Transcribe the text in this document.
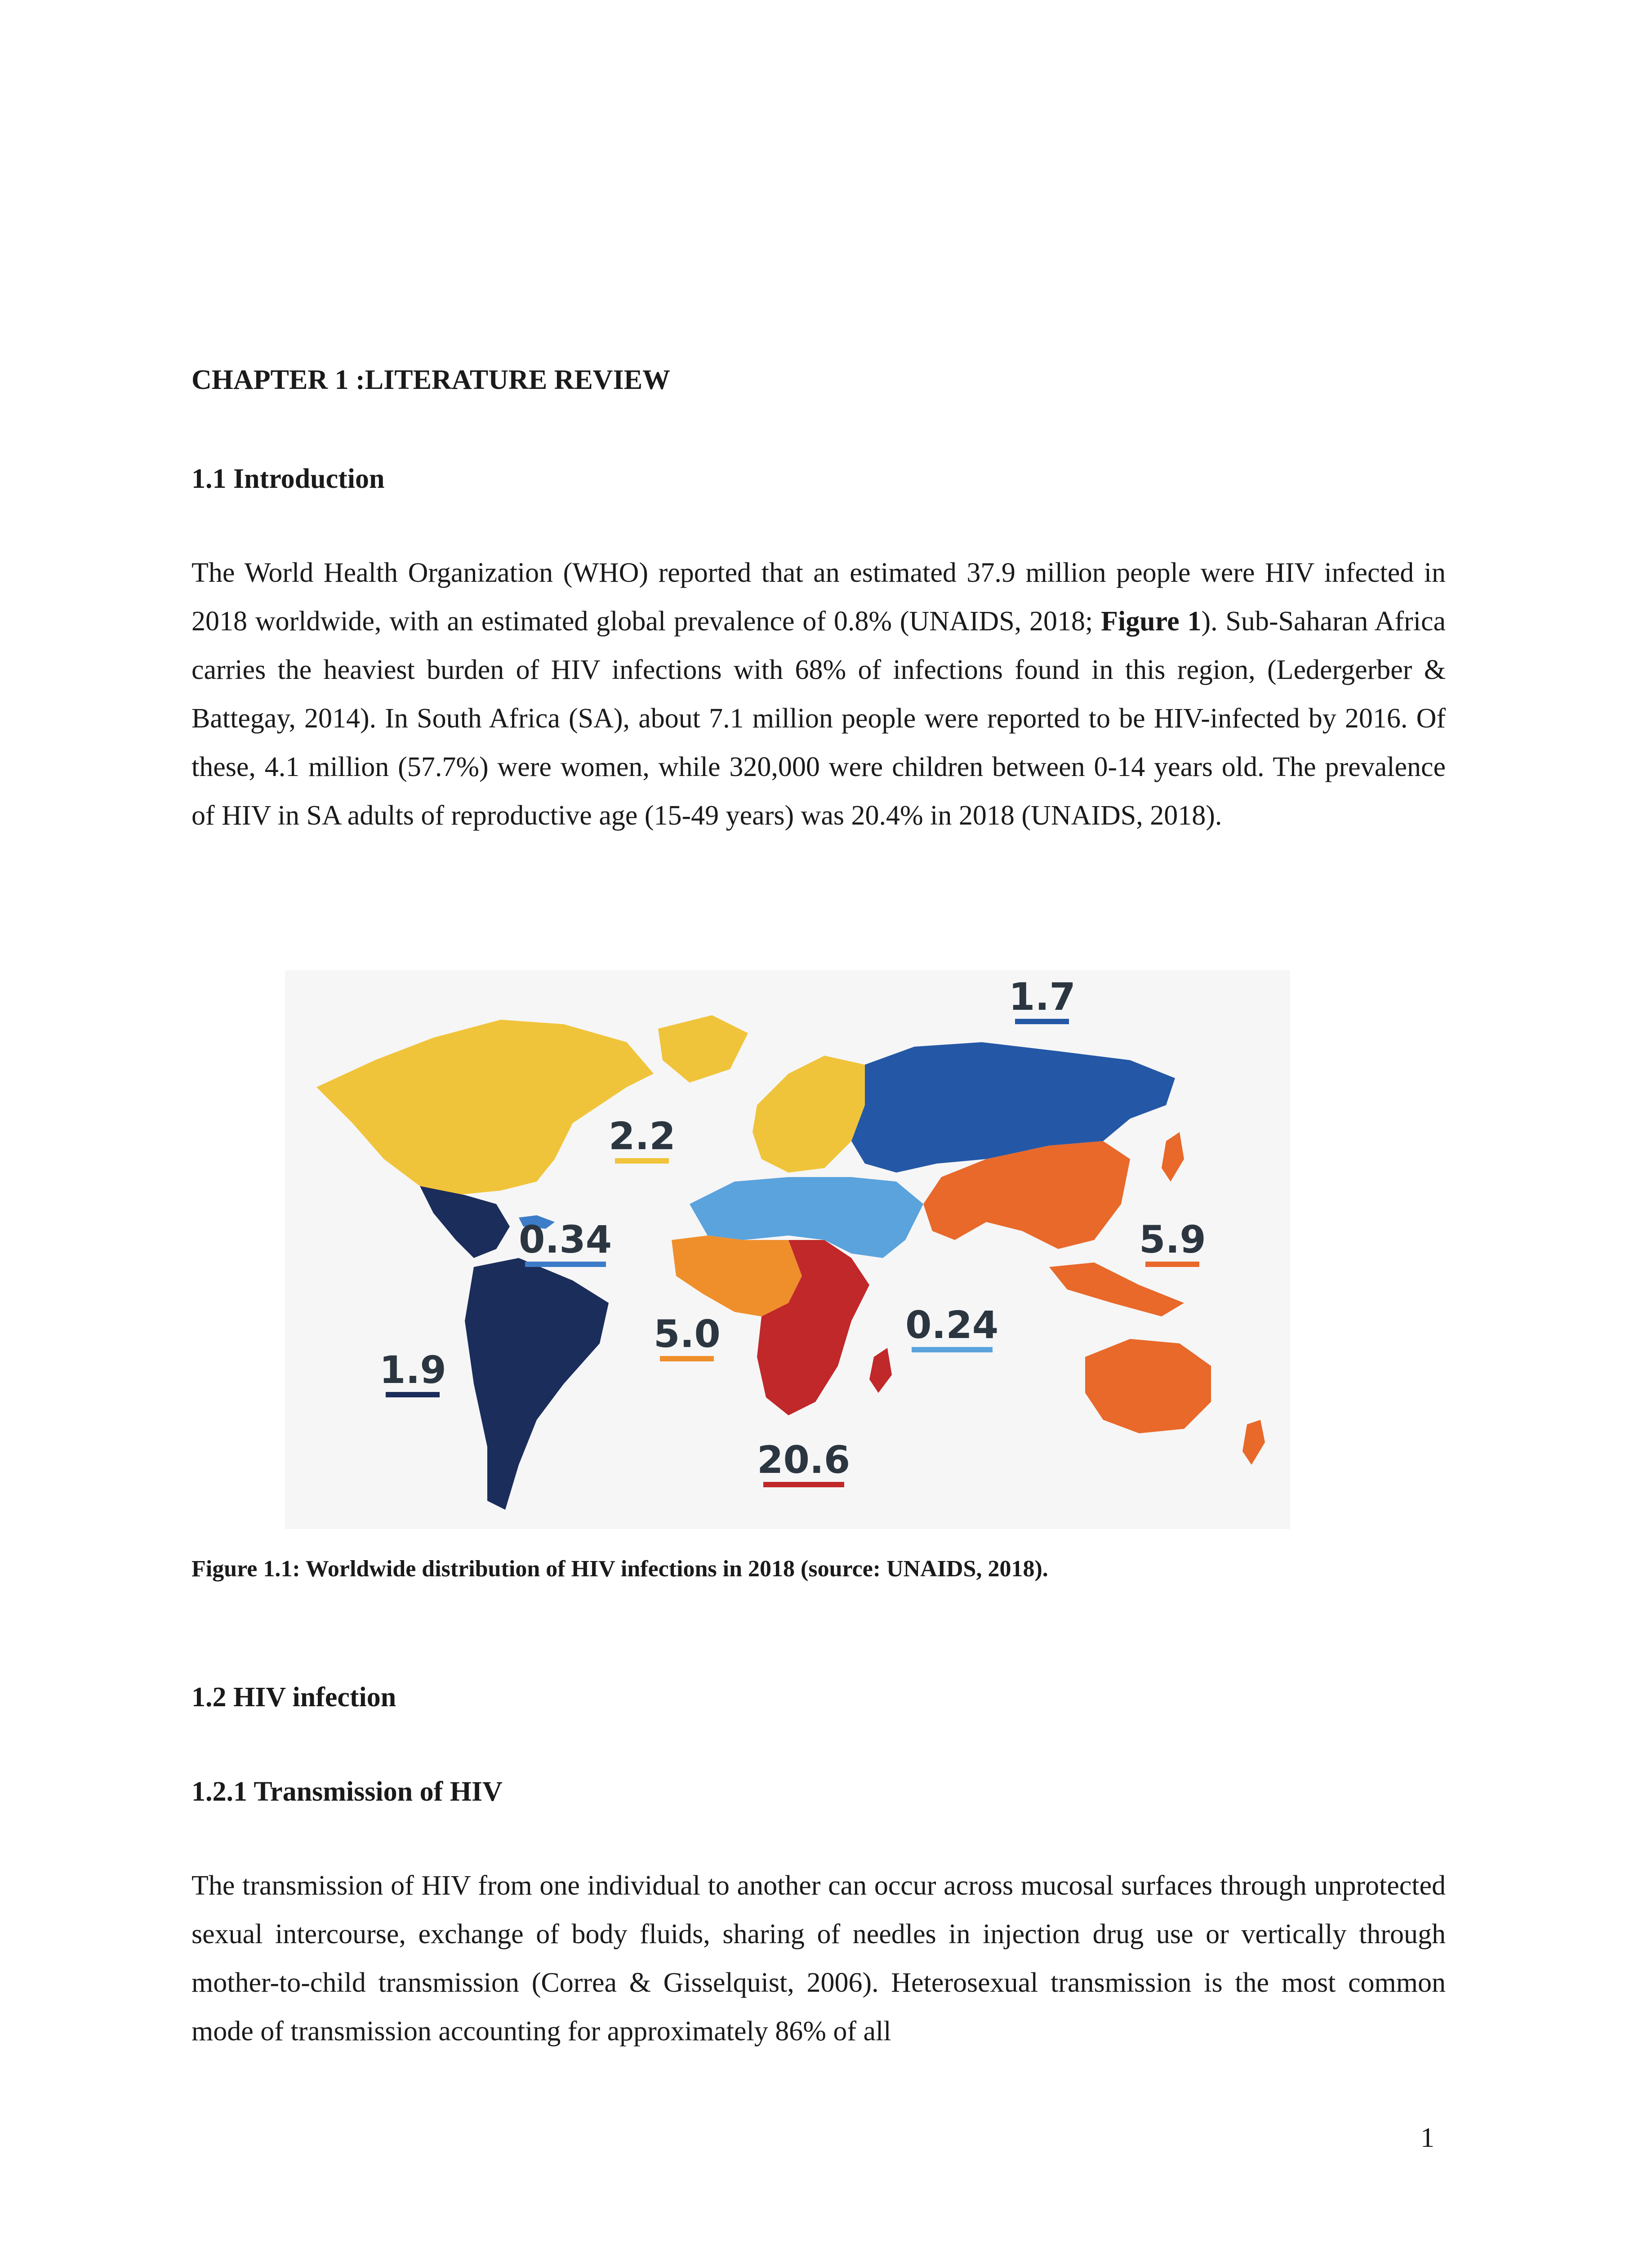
CHAPTER 1 :LITERATURE REVIEW
1.1 Introduction

The World Health Organization (WHO) reported that an estimated 37.9 million people were HIV infected in 2018 worldwide, with an estimated global prevalence of 0.8% (UNAIDS, 2018; Figure 1). Sub-Saharan Africa carries the heaviest burden of HIV infections with 68% of infections found in this region, (Ledergerber & Battegay, 2014). In South Africa (SA), about 7.1 million people were reported to be HIV-infected by 2016. Of these, 4.1 million (57.7%) were women, while 320,000 were children between 0-14 years old. The prevalence of HIV in SA adults of reproductive age (15-49 years) was 20.4% in 2018 (UNAIDS, 2018).

1.7
2.2
0.34	5.9
1.9
5.0	0.24
20.6
Figure 1.1: Worldwide distribution of HIV infections in 2018 (source: UNAIDS, 2018).
1.2 HIV infection
1.2.1 Transmission of HIV

The transmission of HIV from one individual to another can occur across mucosal surfaces through unprotected sexual intercourse, exchange of body fluids, sharing of needles in injection drug use or vertically through mother-to-child transmission (Correa & Gisselquist, 2006). Heterosexual transmission is the most common mode of transmission accounting for approximately 86% of all

1
